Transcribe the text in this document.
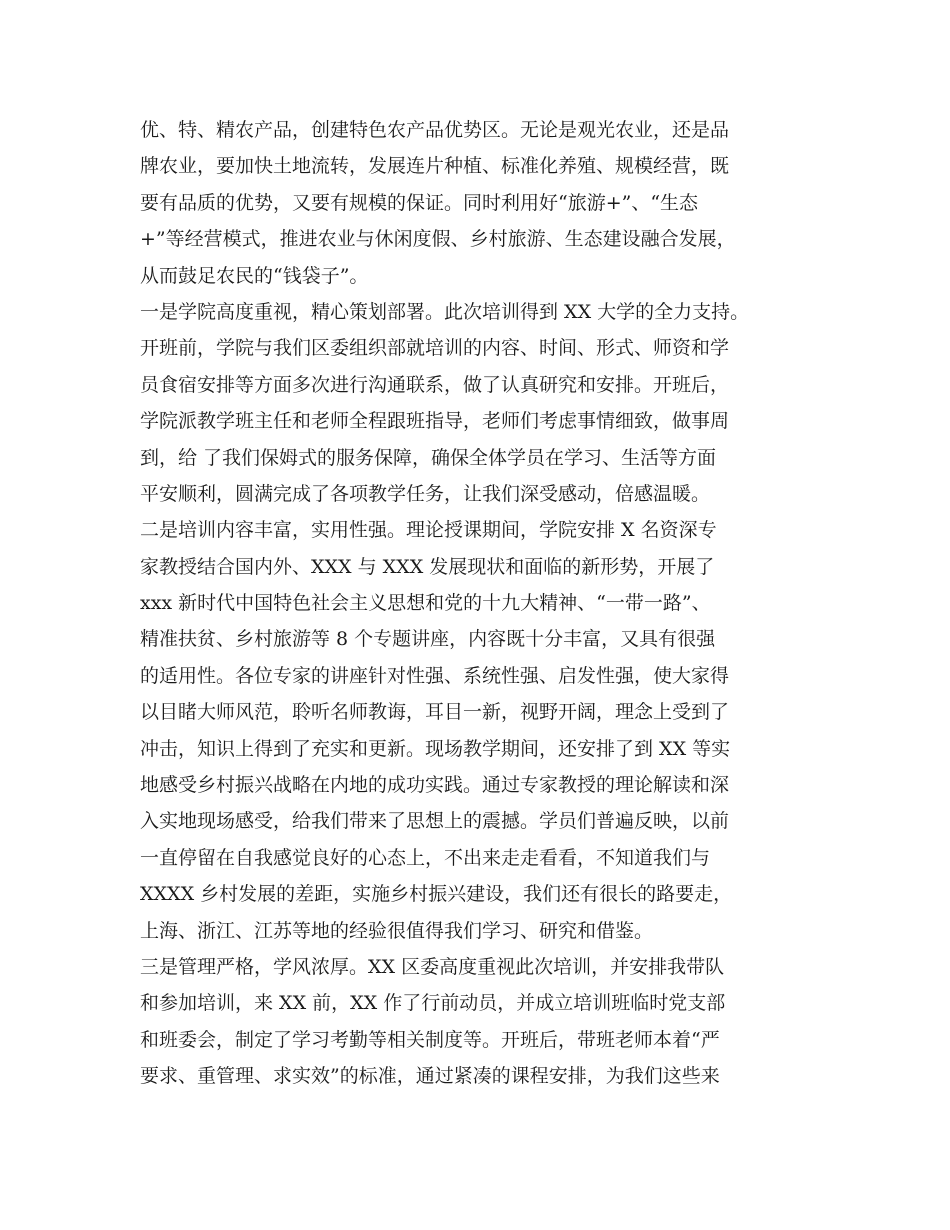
优、特、精农产品，创建特色农产品优势区。无论是观光农业，还是品
牌农业，要加快土地流转，发展连片种植、标准化养殖、规模经营，既
要有品质的优势，又要有规模的保证。同时利用好“旅游+”、“生态
+”等经营模式，推进农业与休闲度假、乡村旅游、生态建设融合发展，
从而鼓足农民的“钱袋子”。
一是学院高度重视，精心策划部署。此次培训得到 XX 大学的全力支持。
开班前，学院与我们区委组织部就培训的内容、时间、形式、师资和学
员食宿安排等方面多次进行沟通联系，做了认真研究和安排。开班后，
学院派教学班主任和老师全程跟班指导，老师们考虑事情细致，做事周
到，给 了我们保姆式的服务保障，确保全体学员在学习、生活等方面
平安顺利，圆满完成了各项教学任务，让我们深受感动，倍感温暖。
二是培训内容丰富，实用性强。理论授课期间，学院安排 X 名资深专
家教授结合国内外、XXX 与 XXX 发展现状和面临的新形势，开展了
xxx 新时代中国特色社会主义思想和党的十九大精神、“一带一路”、
精准扶贫、乡村旅游等 8 个专题讲座，内容既十分丰富，又具有很强
的适用性。各位专家的讲座针对性强、系统性强、启发性强，使大家得
以目睹大师风范，聆听名师教诲，耳目一新，视野开阔，理念上受到了
冲击，知识上得到了充实和更新。现场教学期间，还安排了到 XX 等实
地感受乡村振兴战略在内地的成功实践。通过专家教授的理论解读和深
入实地现场感受，给我们带来了思想上的震撼。学员们普遍反映，以前
一直停留在自我感觉良好的心态上，不出来走走看看，不知道我们与
XXXX 乡村发展的差距，实施乡村振兴建设，我们还有很长的路要走，
上海、浙江、江苏等地的经验很值得我们学习、研究和借鉴。
三是管理严格，学风浓厚。XX 区委高度重视此次培训，并安排我带队
和参加培训，来 XX 前，XX 作了行前动员，并成立培训班临时党支部
和班委会，制定了学习考勤等相关制度等。开班后，带班老师本着“严
要求、重管理、求实效”的标准，通过紧凑的课程安排，为我们这些来
